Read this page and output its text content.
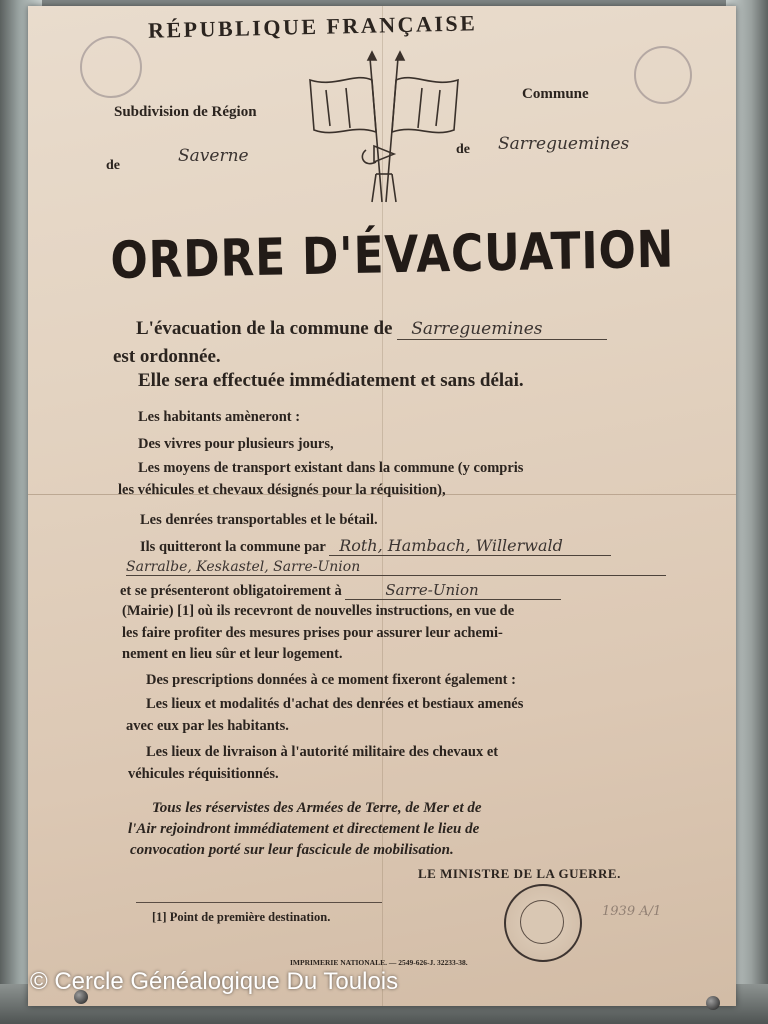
RÉPUBLIQUE FRANÇAISE
Subdivision de Région
Commune
de	Saverne	de Sarreguemines
ORDRE D'ÉVACUATION
L'évacuation de la commune de Sarreguemines
est ordonnée.
Elle sera effectuée immédiatement et sans délai.
Les habitants amèneront :
Des vivres pour plusieurs jours,
Les moyens de transport existant dans la commune (y compris
les véhicules et chevaux désignés pour la réquisition),
Les denrées transportables et le bétail.
Ils quitteront la commune par Roth, Hambach, Willerwald
Sarralbe, Keskastel, Sarre-Union
et se présenteront obligatoirement à	Sarre-Union
(Mairie) [1] où ils recevront de nouvelles instructions, en vue de
les faire profiter des mesures prises pour assurer leur achemi-
nement en lieu sûr et leur logement.
Des prescriptions données à ce moment fixeront également :
Les lieux et modalités d'achat des denrées et bestiaux amenés
avec eux par les habitants.
Les lieux de livraison à l'autorité militaire des chevaux et
véhicules réquisitionnés.
Tous les réservistes des Armées de Terre, de Mer et de
l'Air rejoindront immédiatement et directement le lieu de
convocation porté sur leur fascicule de mobilisation.
LE MINISTRE DE LA GUERRE.
[1] Point de première destination.	1939 A/1
IMPRIMERIE NATIONALE. — 2549-626-J. 32233-38.
© Cercle Généalogique Du Toulois
